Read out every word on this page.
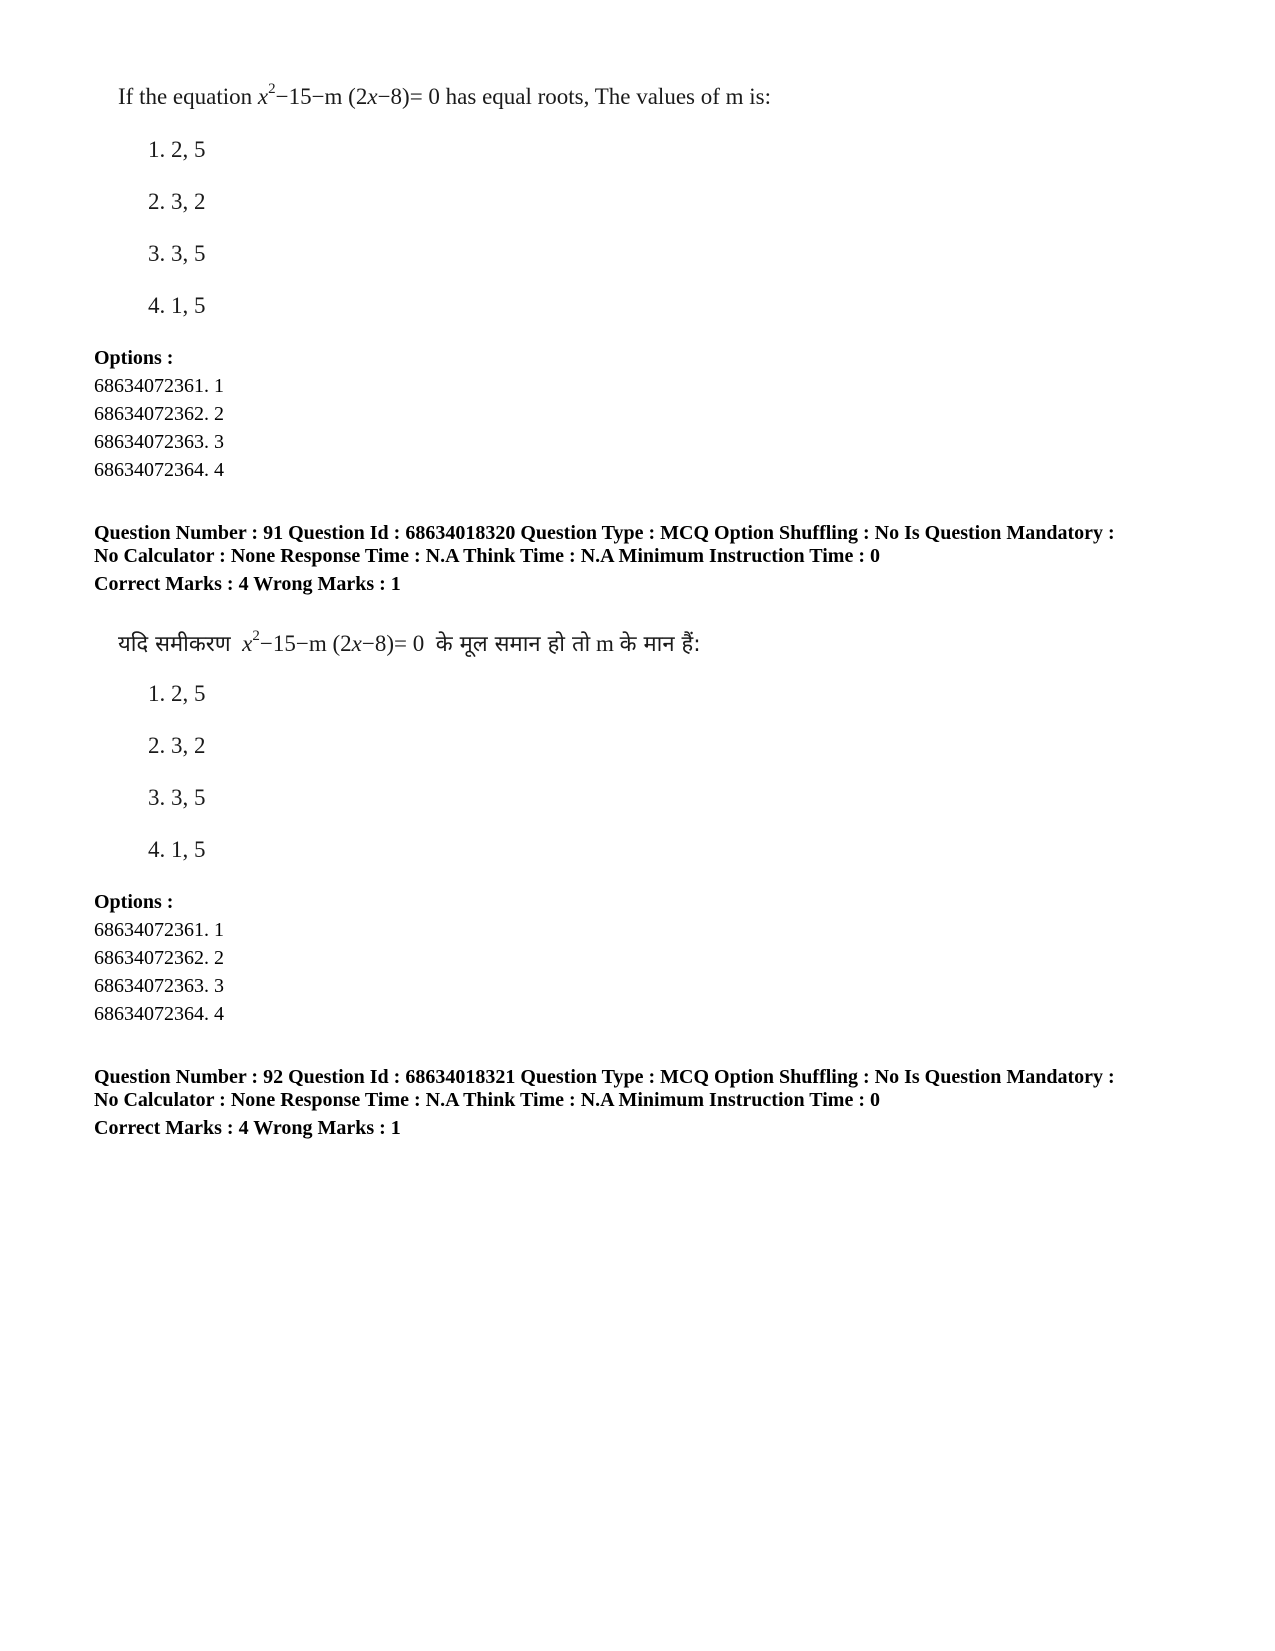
If the equation $x^2-15-m$ (2x−8)= 0 has equal roots, The values of m is:
1. 2, 5
2. 3, 2
3. 3, 5
4. 1, 5
Options :
68634072361. 1
68634072362. 2
68634072363. 3
68634072364. 4
Question Number : 91 Question Id : 68634018320 Question Type : MCQ Option Shuffling : No Is Question Mandatory :
No Calculator : None Response Time : N.A Think Time : N.A Minimum Instruction Time : 0
Correct Marks : 4 Wrong Marks : 1
यदि समीकरण $x^2-15-m$ (2x−8)= 0 के मूल समान हो तो m के मान हैं:
1. 2, 5
2. 3, 2
3. 3, 5
4. 1, 5
Options :
68634072361. 1
68634072362. 2
68634072363. 3
68634072364. 4
Question Number : 92 Question Id : 68634018321 Question Type : MCQ Option Shuffling : No Is Question Mandatory :
No Calculator : None Response Time : N.A Think Time : N.A Minimum Instruction Time : 0
Correct Marks : 4 Wrong Marks : 1
